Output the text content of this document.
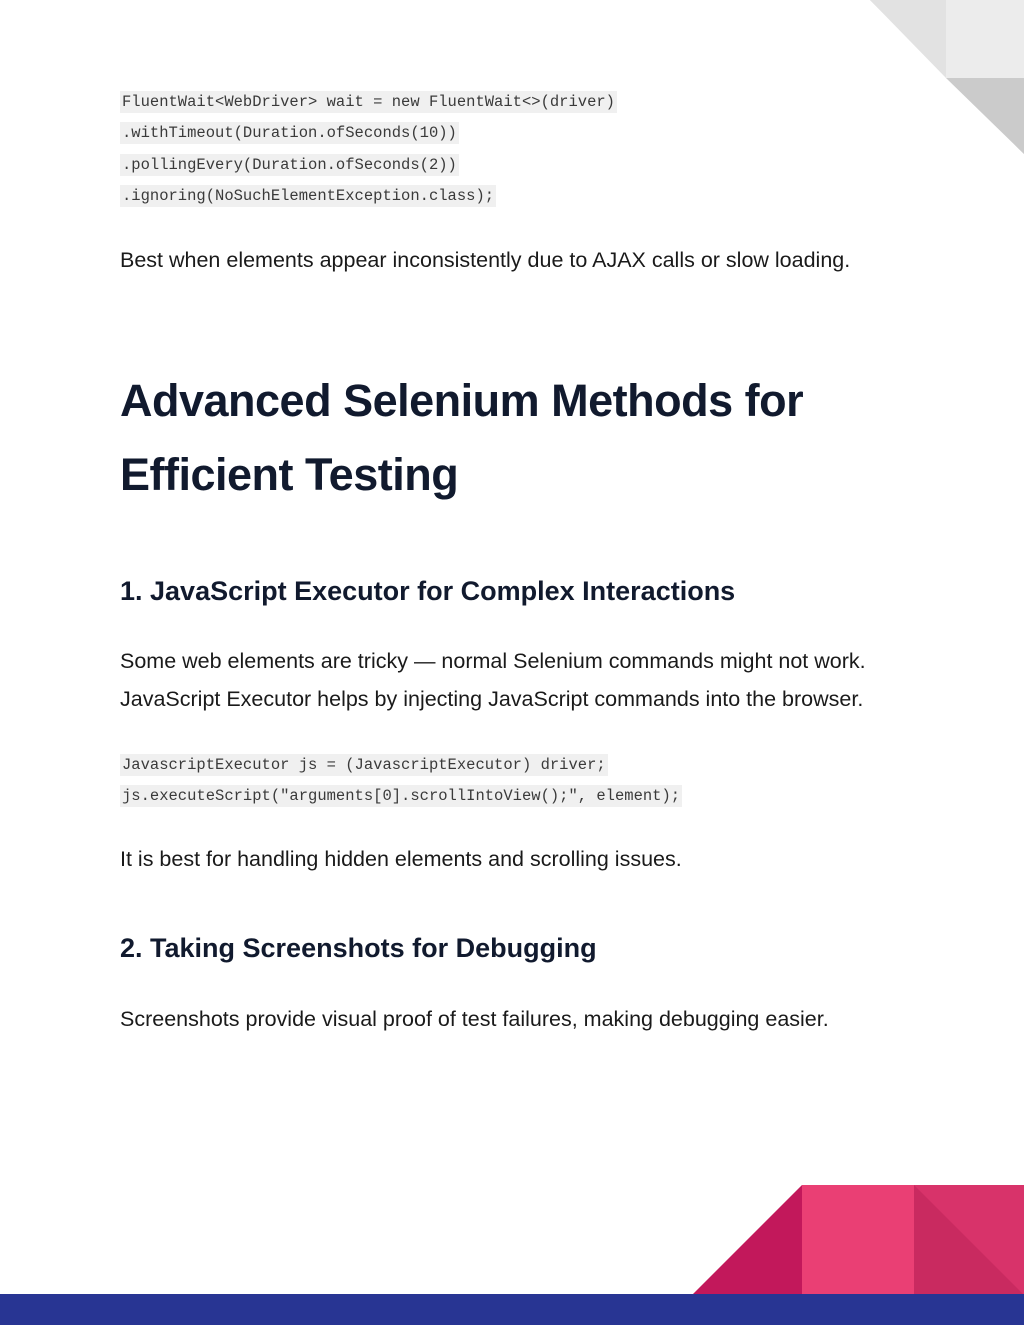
FluentWait<WebDriver> wait = new FluentWait<>(driver)
.withTimeout(Duration.ofSeconds(10))
.pollingEvery(Duration.ofSeconds(2))
.ignoring(NoSuchElementException.class);

Best when elements appear inconsistently due to AJAX calls or slow loading.

Advanced Selenium Methods for
Efficient Testing
1. JavaScript Executor for Complex Interactions

Some web elements are tricky — normal Selenium commands might not work.

JavaScript Executor helps by injecting JavaScript commands into the browser.

JavascriptExecutor js = (JavascriptExecutor) driver;
js.executeScript("arguments[0].scrollIntoView();", element);

It is best for handling hidden elements and scrolling issues.

2. Taking Screenshots for Debugging

Screenshots provide visual proof of test failures, making debugging easier.
